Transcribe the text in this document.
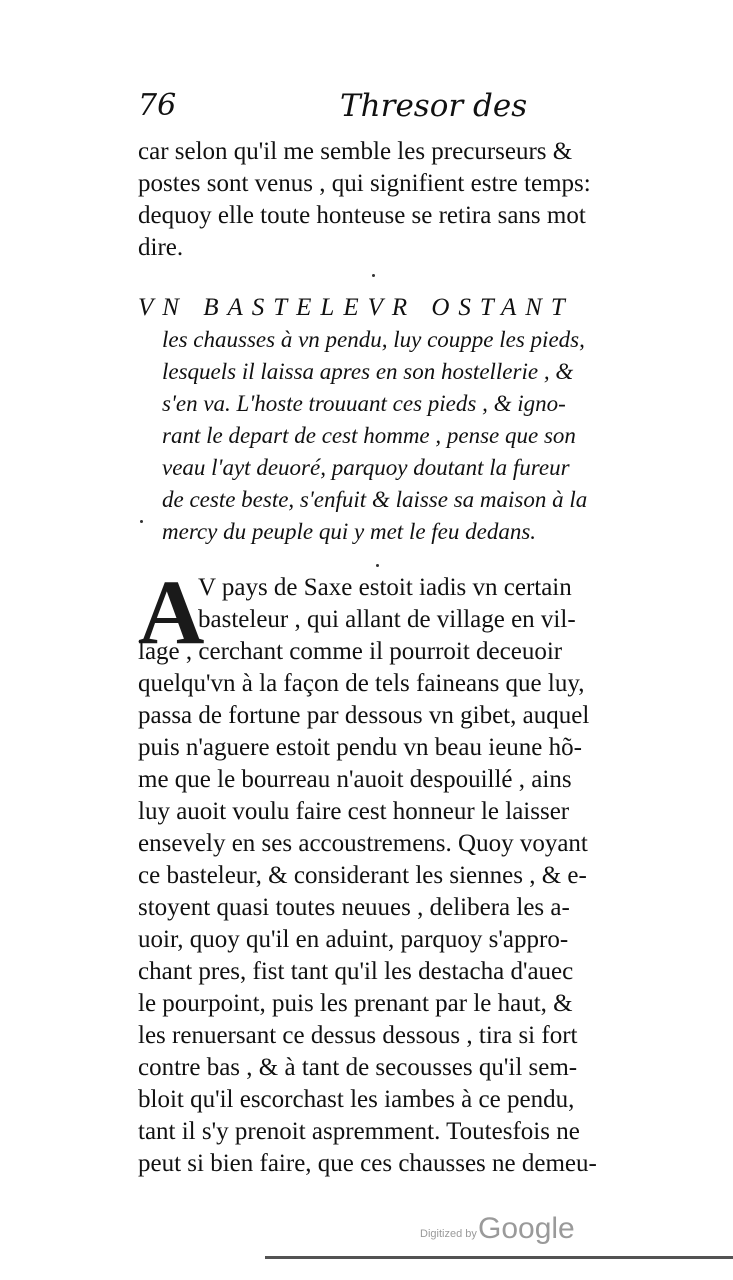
76	Thresor des
car selon qu'il me semble les precurseurs &
postes sont venus , qui signifient estre temps:
dequoy elle toute honteuse se retira sans mot
dire.
VN BASTELEVR OSTANT
les chausses à vn pendu, luy couppe les pieds,
lesquels il laissa apres en son hostellerie , &
s'en va. L'hoste trouuant ces pieds , & igno-
rant le depart de cest homme , pense que son
veau l'ayt deuoré, parquoy doutant la fureur
de ceste beste, s'enfuit & laisse sa maison à la
mercy du peuple qui y met le feu dedans.
A
V pays de Saxe estoit iadis vn certain
basteleur , qui allant de village en vil-
lage , cerchant comme il pourroit deceuoir
quelqu'vn à la façon de tels faineans que luy,
passa de fortune par dessous vn gibet, auquel
puis n'aguere estoit pendu vn beau ieune hõ-
me que le bourreau n'auoit despouillé , ains
luy auoit voulu faire cest honneur le laisser
ensevely en ses accoustremens. Quoy voyant
ce basteleur, & considerant les siennes , & e-
stoyent quasi toutes neuues , delibera les a-
uoir, quoy qu'il en aduint, parquoy s'appro-
chant pres, fist tant qu'il les destacha d'auec
le pourpoint, puis les prenant par le haut, &
les renuersant ce dessus dessous , tira si fort
contre bas , & à tant de secousses qu'il sem-
bloit qu'il escorchast les iambes à ce pendu,
tant il s'y prenoit aspremment. Toutesfois ne
peut si bien faire, que ces chausses ne demeu-
Digitized by Google
